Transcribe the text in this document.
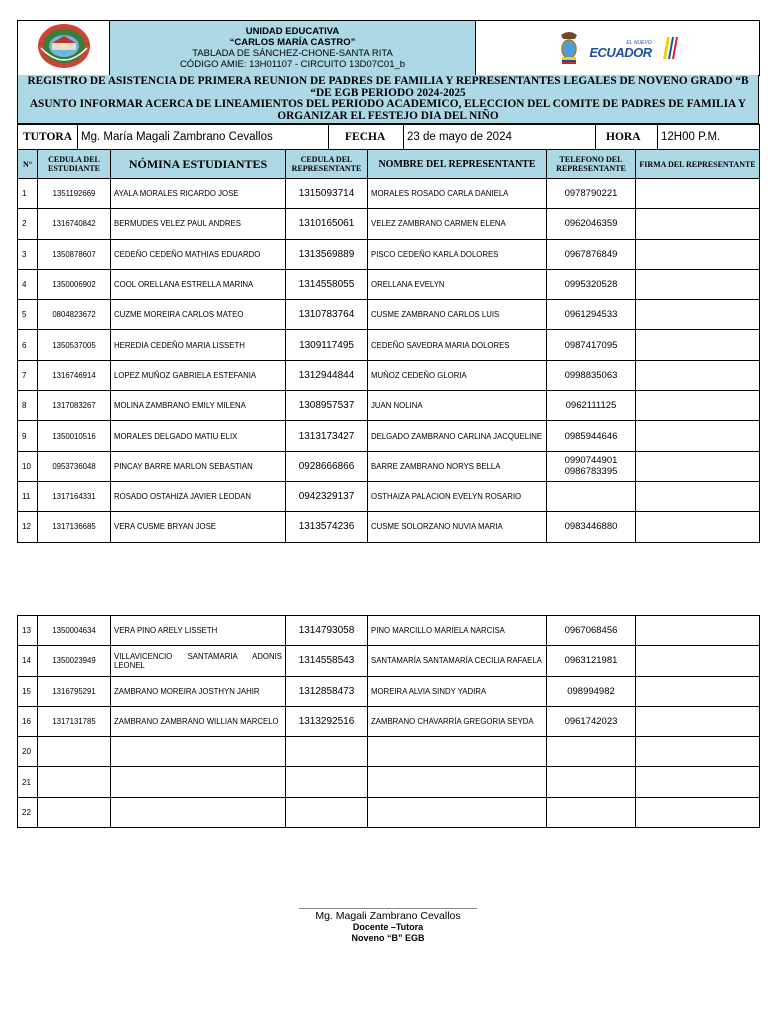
UNIDAD EDUCATIVA
“CARLOS MARÍA CASTRO”
TABLADA DE SÁNCHEZ-CHONE-SANTA RITA
CÓDIGO AMIE: 13H01107 - CIRCUITO 13D07C01_b

EL NUEVO
ECUADOR
REGISTRO DE ASISTENCIA DE PRIMERA REUNION DE PADRES DE FAMILIA Y REPRESENTANTES LEGALES DE NOVENO GRADO “B “DE EGB PERIODO 2024-2025
ASUNTO INFORMAR ACERCA DE LINEAMIENTOS DEL PERIODO ACADEMICO, ELECCION DEL COMITE DE PADRES DE FAMILIA Y ORGANIZAR EL FESTEJO DIA DEL NIÑO
TUTORA	Mg. María Magali Zambrano Cevallos	FECHA	23 de mayo de 2024	HORA	12H00 P.M.
N°	CEDULA DEL ESTUDIANTE	NÓMINA ESTUDIANTES	CEDULA DEL REPRESENTANTE	NOMBRE DEL REPRESENTANTE	TELEFONO DEL REPRESENTANTE	FIRMA DEL REPRESENTANTE
1	1351192669	AYALA MORALES RICARDO JOSE	1315093714	MORALES ROSADO CARLA DANIELA	0978790221	
2	1316740842	BERMUDES VELEZ PAUL ANDRES	1310165061	VELEZ ZAMBRANO CARMEN ELENA	0962046359	
3	1350878607	CEDEÑO CEDEÑO MATHIAS EDUARDO	1313569889	PISCO CEDEÑO KARLA DOLORES	0967876849	
4	1350006902	COOL ORELLANA ESTRELLA MARINA	1314558055	ORELLANA EVELYN	0995320528	
5	0804823672	CUZME MOREIRA CARLOS MATEO	1310783764	CUSME ZAMBRANO CARLOS LUIS	0961294533	
6	1350537005	HEREDIA CEDEÑO MARIA LISSETH	1309117495	CEDEÑO SAVEDRA MARIA DOLORES	0987417095	
7	1316746914	LOPEZ MUÑOZ GABRIELA ESTEFANIA	1312944844	MUÑOZ CEDEÑO GLORIA	0998835063	
8	1317083267	MOLINA ZAMBRANO EMILY MILENA	1308957537	JUAN NOLINA	0962111125	
9	1350010516	MORALES DELGADO MATIU ELIX	1313173427	DELGADO ZAMBRANO CARLINA JACQUELINE	0985944646	
10	0953736048	PINCAY BARRE MARLON SEBASTIAN	0928666866	BARRE ZAMBRANO NORYS BELLA	0990744901
0986783395	
11	1317164331	ROSADO OSTAHIZA JAVIER LEODAN	0942329137	OSTHAIZA PALACION EVELYN ROSARIO		
12	1317136685	VERA CUSME BRYAN JOSE	1313574236	CUSME SOLORZANO NUVIA MARIA	0983446880	
13	1350004634	VERA PINO ARELY LISSETH	1314793058	PINO MARCILLO MARIELA NARCISA	0967068456	
14	1350023949	VILLAVICENCIO SANTAMARIA ADONIS LEONEL	1314558543	SANTAMARÍA SANTAMARÍA CECILIA RAFAELA	0963121981	
15	1316795291	ZAMBRANO MOREIRA JOSTHYN JAHIR	1312858473	MOREIRA ALVIA SINDY YADIRA	098994982	
16	1317131785	ZAMBRANO ZAMBRANO WILLIAN MARCELO	1313292516	ZAMBRANO CHAVARRÍA GREGORIA SEYDA	0961742023	
20						
21						
22						
Mg. Magali Zambrano Cevallos
Docente –Tutora
Noveno “B” EGB
